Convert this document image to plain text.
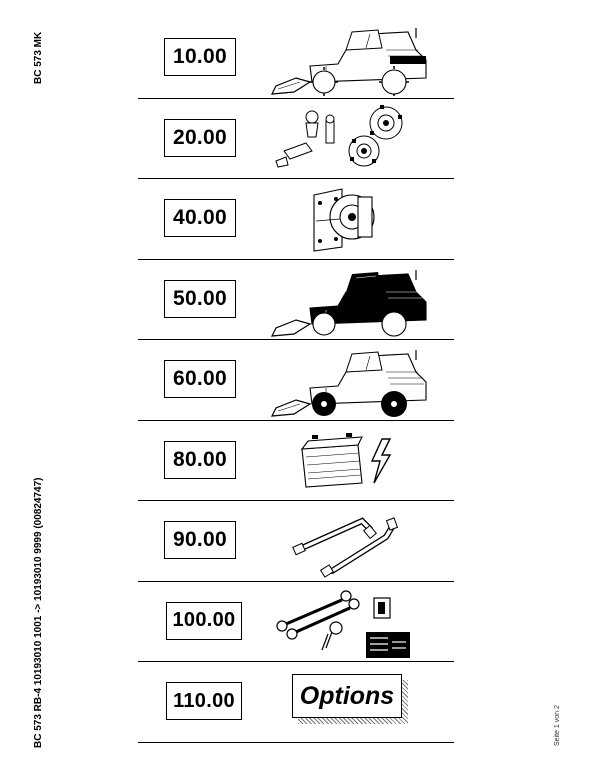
BC 573 MK
BC 573 RB-4 10193010 1001 -> 10193010 9999 (00824747)	Seite 1 von 2
10.00
20.00
40.00
50.00
60.00
80.00
90.00
100.00
110.00	Options
